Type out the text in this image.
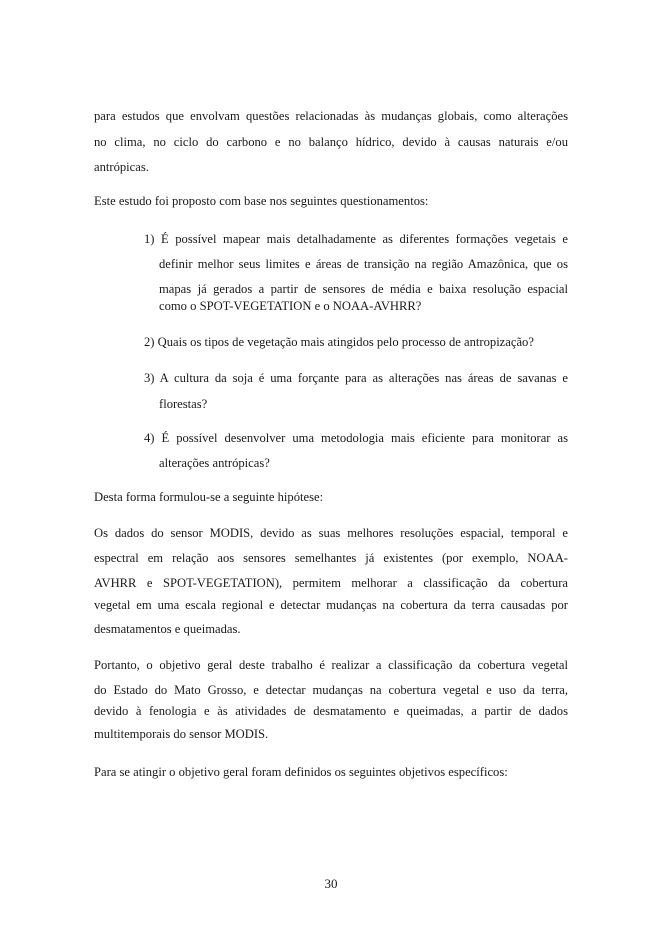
para estudos que envolvam questões relacionadas às mudanças globais, como alterações
no clima, no ciclo do carbono e no balanço hídrico, devido à causas naturais e/ou
antrópicas.
Este estudo foi proposto com base nos seguintes questionamentos:
1) É possível mapear mais detalhadamente as diferentes formações vegetais e
definir melhor seus limites e áreas de transição na região Amazônica, que os
mapas já gerados a partir de sensores de média e baixa resolução espacial
como o SPOT-VEGETATION e o NOAA-AVHRR?
2) Quais os tipos de vegetação mais atingidos pelo processo de antropização?
3) A cultura da soja é uma forçante para as alterações nas áreas de savanas e
florestas?
4) É possível desenvolver uma metodologia mais eficiente para monitorar as
alterações antrópicas?
Desta forma formulou-se a seguinte hipótese:
Os dados do sensor MODIS, devido as suas melhores resoluções espacial, temporal e
espectral em relação aos sensores semelhantes já existentes (por exemplo, NOAA-
AVHRR e SPOT-VEGETATION), permitem melhorar a classificação da cobertura
vegetal em uma escala regional e detectar mudanças na cobertura da terra causadas por
desmatamentos e queimadas.
Portanto, o objetivo geral deste trabalho é realizar a classificação da cobertura vegetal
do Estado do Mato Grosso, e detectar mudanças na cobertura vegetal e uso da terra,
devido à fenologia e às atividades de desmatamento e queimadas, a partir de dados
multitemporais do sensor MODIS.
Para se atingir o objetivo geral foram definidos os seguintes objetivos específicos:
30
